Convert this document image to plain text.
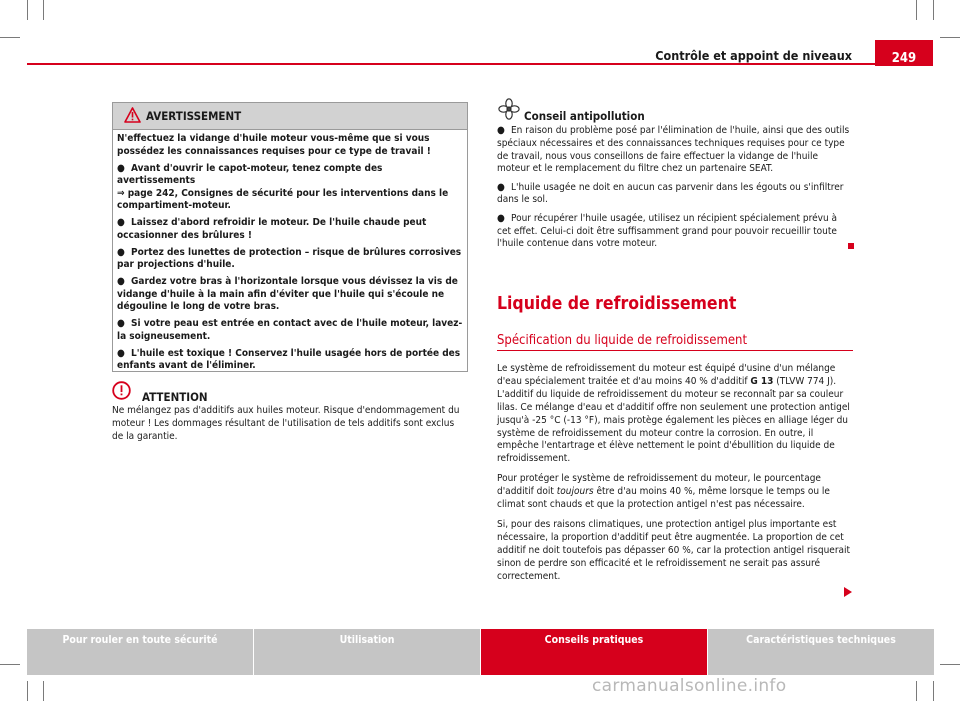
Contrôle et appoint de niveaux	249
AVERTISSEMENT

N'effectuez la vidange d'huile moteur vous-même que si vous possédez les connaissances requises pour ce type de travail !

● Avant d'ouvrir le capot-moteur, tenez compte des avertissements
⇒ page 242, Consignes de sécurité pour les interventions dans le compartiment-moteur.

● Laissez d'abord refroidir le moteur. De l'huile chaude peut occasionner des brûlures !

● Portez des lunettes de protection – risque de brûlures corrosives par projections d'huile.

● Gardez votre bras à l'horizontale lorsque vous dévissez la vis de vidange d'huile à la main afin d'éviter que l'huile qui s'écoule ne dégouline le long de votre bras.

● Si votre peau est entrée en contact avec de l'huile moteur, lavez-la soigneusement.

● L'huile est toxique ! Conservez l'huile usagée hors de portée des enfants avant de l'éliminer.

ATTENTION
Ne mélangez pas d'additifs aux huiles moteur. Risque d'endommagement du moteur ! Les dommages résultant de l'utilisation de tels additifs sont exclus de la garantie.
Conseil antipollution

● En raison du problème posé par l'élimination de l'huile, ainsi que des outils spéciaux nécessaires et des connaissances techniques requises pour ce type de travail, nous vous conseillons de faire effectuer la vidange de l'huile moteur et le remplacement du filtre chez un partenaire SEAT.

● L'huile usagée ne doit en aucun cas parvenir dans les égouts ou s'infiltrer dans le sol.

● Pour récupérer l'huile usagée, utilisez un récipient spécialement prévu à cet effet. Celui-ci doit être suffisamment grand pour pouvoir recueillir toute l'huile contenue dans votre moteur.

Liquide de refroidissement
Spécification du liquide de refroidissement

Le système de refroidissement du moteur est équipé d'usine d'un mélange d'eau spécialement traitée et d'au moins 40 % d'additif G 13 (TLVW 774 J). L'additif du liquide de refroidissement du moteur se reconnaît par sa couleur lilas. Ce mélange d'eau et d'additif offre non seulement une protection antigel jusqu'à -25 °C (-13 °F), mais protège également les pièces en alliage léger du système de refroidissement du moteur contre la corrosion. En outre, il empêche l'entartrage et élève nettement le point d'ébullition du liquide de refroidissement.

Pour protéger le système de refroidissement du moteur, le pourcentage d'additif doit toujours être d'au moins 40 %, même lorsque le temps ou le climat sont chauds et que la protection antigel n'est pas nécessaire.

Si, pour des raisons climatiques, une protection antigel plus importante est nécessaire, la proportion d'additif peut être augmentée. La proportion de cet additif ne doit toutefois pas dépasser 60 %, car la protection antigel risquerait sinon de perdre son efficacité et le refroidissement ne serait pas assuré correctement.

Pour rouler en toute sécurité	Utilisation	Conseils pratiques	Caractéristiques techniques
carmanualsonline.info
